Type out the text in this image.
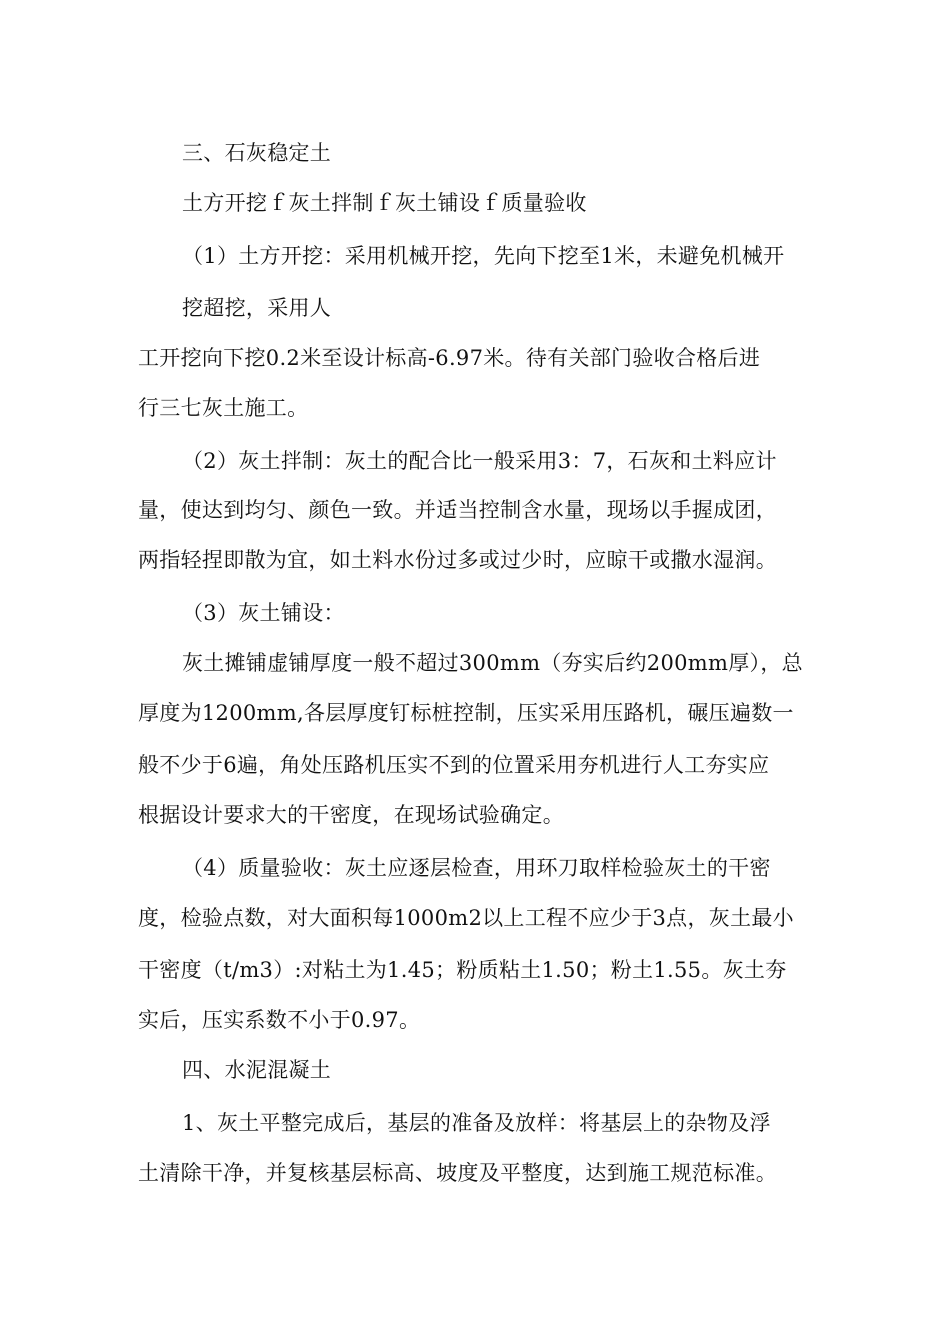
三、石灰稳定土
土方开挖ｆ灰土拌制ｆ灰土铺设ｆ质量验收
（1）土方开挖：采用机械开挖，先向下挖至1米，未避免机械开
挖超挖，采用人
工开挖向下挖0.2米至设计标高-6.97米。待有关部门验收合格后进
行三七灰土施工。
（2）灰土拌制：灰土的配合比一般采用3：7，石灰和土料应计
量，使达到均匀、颜色一致。并适当控制含水量，现场以手握成团，
两指轻捏即散为宜，如土料水份过多或过少时，应晾干或撒水湿润。
（3）灰土铺设：
灰土摊铺虚铺厚度一般不超过300mm（夯实后约200mm厚），总
厚度为1200mm,各层厚度钉标桩控制，压实采用压路机，碾压遍数一
般不少于6遍，角处压路机压实不到的位置采用夯机进行人工夯实应
根据设计要求大的干密度，在现场试验确定。
（4）质量验收：灰土应逐层检查，用环刀取样检验灰土的干密
度，检验点数，对大面积每1000m2以上工程不应少于3点，灰土最小
干密度（t/m3）:对粘土为1.45；粉质粘土1.50；粉土1.55。灰土夯
实后，压实系数不小于0.97。
四、水泥混凝土
1、灰土平整完成后，基层的准备及放样：将基层上的杂物及浮
土清除干净，并复核基层标高、坡度及平整度，达到施工规范标准。
